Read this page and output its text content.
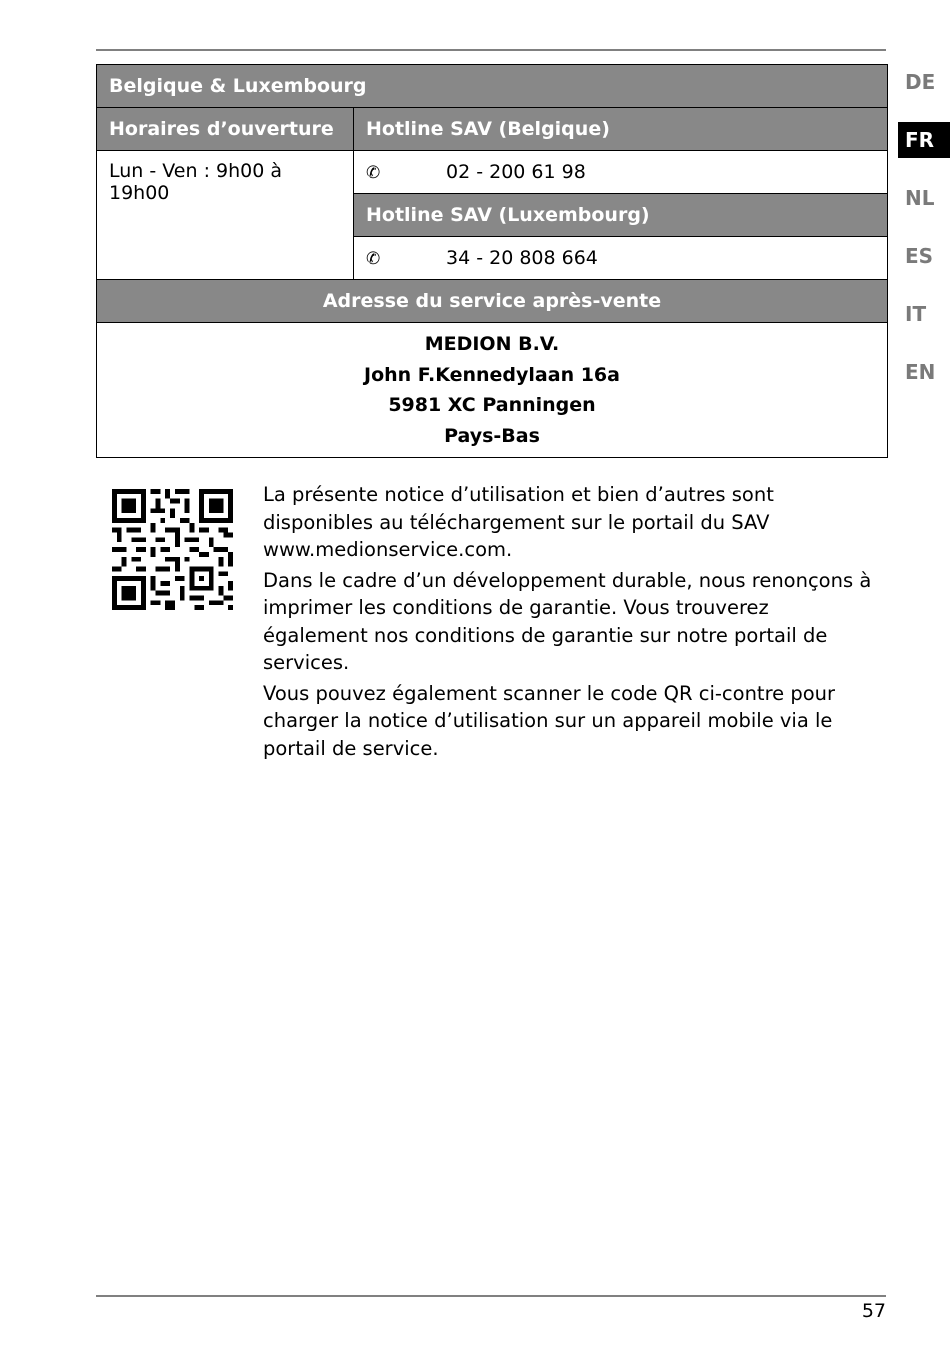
DE
FR
NL
ES
IT
EN
Belgique & Luxembourg	
Horaires d’ouverture	Hotline SAV (Belgique)
Lun - Ven : 9h00 à 19h00	✆ 02 - 200 61 98
	Hotline SAV (Luxembourg)
	✆ 34 - 20 808 664
Adresse du service après-vente	

MEDION B.V.
John F.Kennedylaan 16a
5981 XC Panningen
Pays-Bas	

La présente notice d’utilisation et bien d’autres sont disponibles au téléchargement sur le portail du SAV www.medionservice.com.

Dans le cadre d’un développement durable, nous renonçons à imprimer les conditions de garantie. Vous trouverez également nos conditions de garantie sur notre portail de services.

Vous pouvez également scanner le code QR ci-contre pour charger la notice d’utilisation sur un appareil mobile via le portail de service.

57
